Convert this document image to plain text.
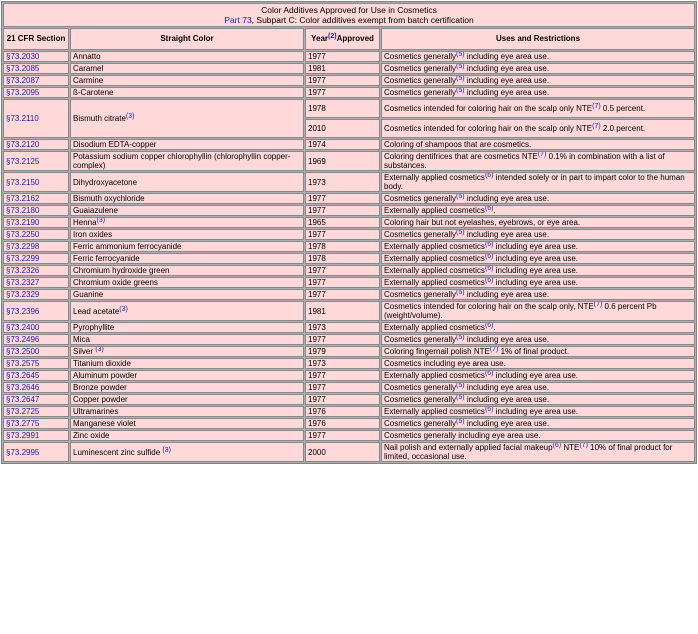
Color Additives Approved for Use in Cosmetics
Part 73, Subpart C: Color additives exempt from batch certification			
21 CFR Section	Straight Color	Year$^{(2)}$Approved	Uses and Restrictions
§73.2030	Annatto	1977	Cosmetics generally$^{(5)}$ including eye area use.
§73.2085	Caramel	1981	Cosmetics generally$^{(5)}$ including eye area use.
§73.2087	Carmine	1977	Cosmetics generally$^{(5)}$ including eye area use.
§73.2095	ß-Carotene	1977	Cosmetics generally$^{(5)}$ including eye area use.
§73.2110	Bismuth citrate$^{(3)}$	1978	Cosmetics intended for coloring hair on the scalp only NTE$^{(7)}$ 0.5 percent.
		2010	Cosmetics intended for coloring hair on the scalp only NTE$^{(7)}$ 2.0 percent.
§73.2120	Disodium EDTA-copper	1974	Coloring of shampoos that are cosmetics.
§73.2125	Potassium sodium copper chlorophyllin (chlorophyllin copper-complex)	1969	Coloring dentifrices that are cosmetics NTE$^{(7)}$ 0.1% in combination with a list of substances.
§73.2150	Dihydroxyacetone	1973	Externally applied cosmetics$^{(6)}$ intended solely or in part to impart color to the human body.
§73.2162	Bismuth oxychloride	1977	Cosmetics generally$^{(5)}$ including eye area use.
§73.2180	Guaiazulene	1977	Externally applied cosmetics$^{(6)}$.
§73.2190	Henna$^{(3)}$	1965	Coloring hair but not eyelashes, eyebrows, or eye area.
§73.2250	Iron oxides	1977	Cosmetics generally$^{(5)}$ including eye area use.
§73.2298	Ferric ammonium ferrocyanide	1978	Externally applied cosmetics$^{(6)}$ including eye area use.
§73.2299	Ferric ferrocyanide	1978	Externally applied cosmetics$^{(6)}$ including eye area use.
§73.2326	Chromium hydroxide green	1977	Externally applied cosmetics$^{(6)}$ including eye area use.
§73.2327	Chromium oxide greens	1977	Externally applied cosmetics$^{(6)}$ including eye area use.
§73.2329	Guanine	1977	Cosmetics generally$^{(5)}$ including eye area use.
§73.2396	Lead acetate$^{(3)}$	1981	Cosmetics intended for coloring hair on the scalp only, NTE$^{(7)}$ 0.6 percent Pb (weight/volume).
§73.2400	Pyrophyllite	1973	Externally applied cosmetics$^{(6)}$.
§73.2496	Mica	1977	Cosmetics generally$^{(5)}$ including eye area use.
§73.2500	Silver $^{(3)}$	1979	Coloring fingernail polish NTE$^{(7)}$ 1% of final product.
§73.2575	Titanium dioxide	1973	Cosmetics including eye area use.
§73.2645	Aluminum powder	1977	Externally applied cosmetics$^{(6)}$ including eye area use.
§73.2646	Bronze powder	1977	Cosmetics generally$^{(5)}$ including eye area use.
§73.2647	Copper powder	1977	Cosmetics generally$^{(5)}$ including eye area use.
§73.2725	Ultramarines	1976	Externally applied cosmetics$^{(6)}$ including eye area use.
§73.2775	Manganese violet	1976	Cosmetics generally$^{(5)}$ including eye area use.
§73.2991	Zinc oxide	1977	Cosmetics generally including eye area use.
§73.2995	Luminescent zinc sulfide $^{(3)}$	2000	Nail polish and externally applied facial makeup$^{(6)}$ NTE$^{(7)}$ 10% of final product for limited, occasional use.
